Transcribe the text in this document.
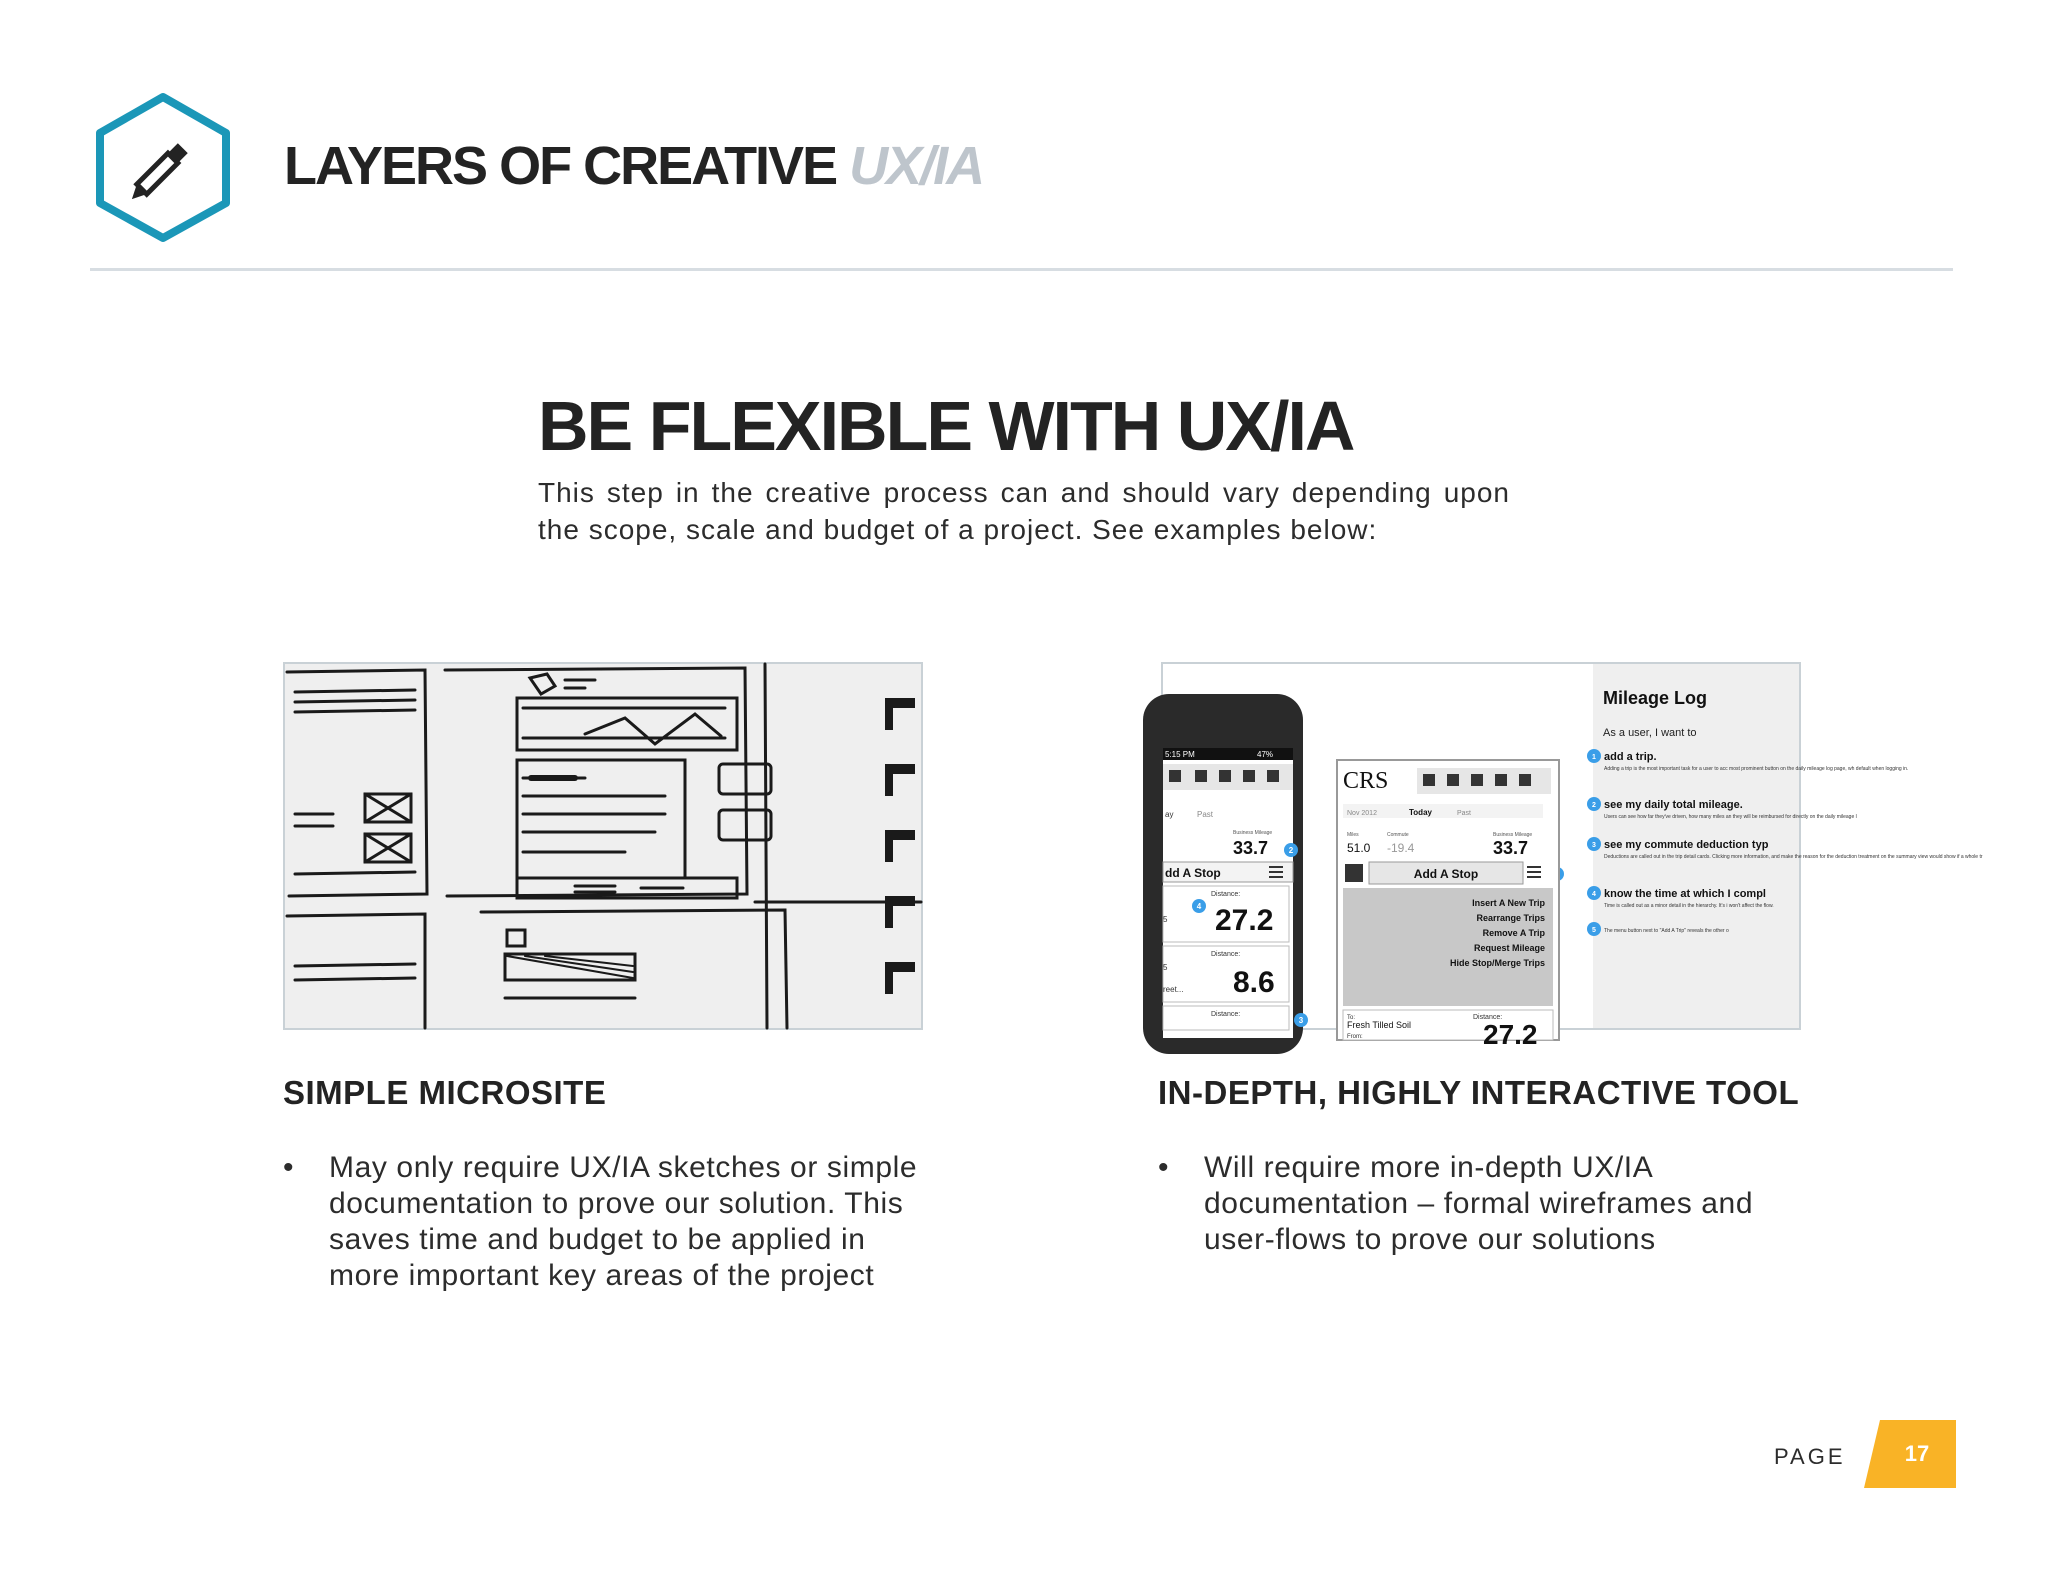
LAYERS OF CREATIVE UX/IA
BE FLEXIBLE WITH UX/IA
This step in the creative process can and should vary depending upon the scope, scale and budget of a project. See examples below:
5:15 PM	47%
ay	Past
Business Mileage
33.7
dd A Stop
Distance:
27.2
5
Distance:
8.6
5
reet...
Distance:
2
4
3
CRS
Nov 2012	Today	Past
Miles
51.0
Commute
-19.4
Business Mileage
33.7
Add A Stop
Insert A New Trip
Rearrange Trips
Remove A Trip
Request Mileage
Hide Stop/Merge Trips
To:
Fresh Tilled Soil
From:
Distance:
27.2
Mileage Log
As a user, I want to
1
2
3
4
5
add a trip.
Adding a trip is the most important task for a user to acc most prominent button on the daily mileage log page, wh default when logging in.
see my daily total mileage.
Users can see how far they've driven, how many miles an they will be reimbursed for directly on the daily mileage l
see my commute deduction typ
Deductions are called out in the trip detail cards. Clicking more information, and make the reason for the deduction treatment on the summary view would show if a whole tr
know the time at which I compl
Time is called out as a minor detail in the hierarchy. It's i won't affect the flow.
The menu button next to "Add A Trip" reveals the other o
SIMPLE MICROSITE	IN-DEPTH, HIGHLY INTERACTIVE TOOL
• May only require UX/IA sketches or simple documentation to prove our solution. This saves time and budget to be applied in more important key areas of the project
• Will require more in-depth UX/IA documentation – formal wireframes and user-flows to prove our solutions
PAGE	17
